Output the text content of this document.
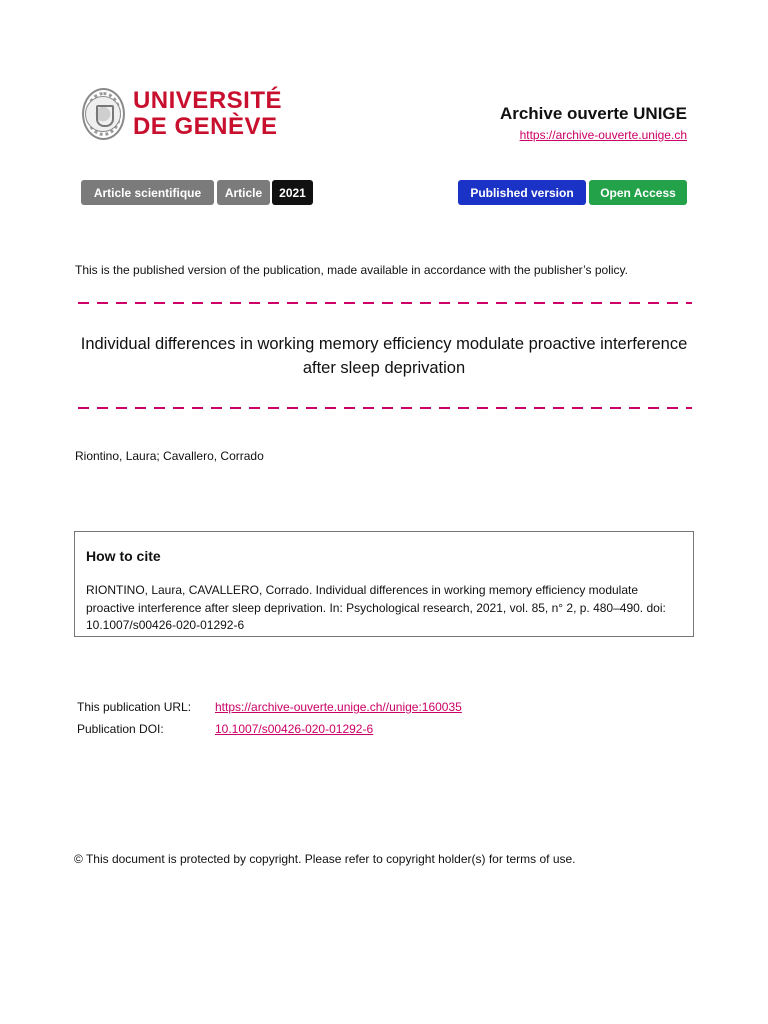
UNIVERSITÉ
DE GENÈVE	Archive ouverte UNIGE
https://archive-ouverte.unige.ch
Article scientifique	Article	2021	Published version	Open Access
This is the published version of the publication, made available in accordance with the publisher’s policy.
Individual differences in working memory efficiency modulate proactive interference after sleep deprivation
Riontino, Laura; Cavallero, Corrado
How to cite
RIONTINO, Laura, CAVALLERO, Corrado. Individual differences in working memory efficiency modulate proactive interference after sleep deprivation. In: Psychological research, 2021, vol. 85, n° 2, p. 480–490. doi: 10.1007/s00426-020-01292-6
This publication URL: https://archive-ouverte.unige.ch//unige:160035
Publication DOI:	10.1007/s00426-020-01292-6
© This document is protected by copyright. Please refer to copyright holder(s) for terms of use.
